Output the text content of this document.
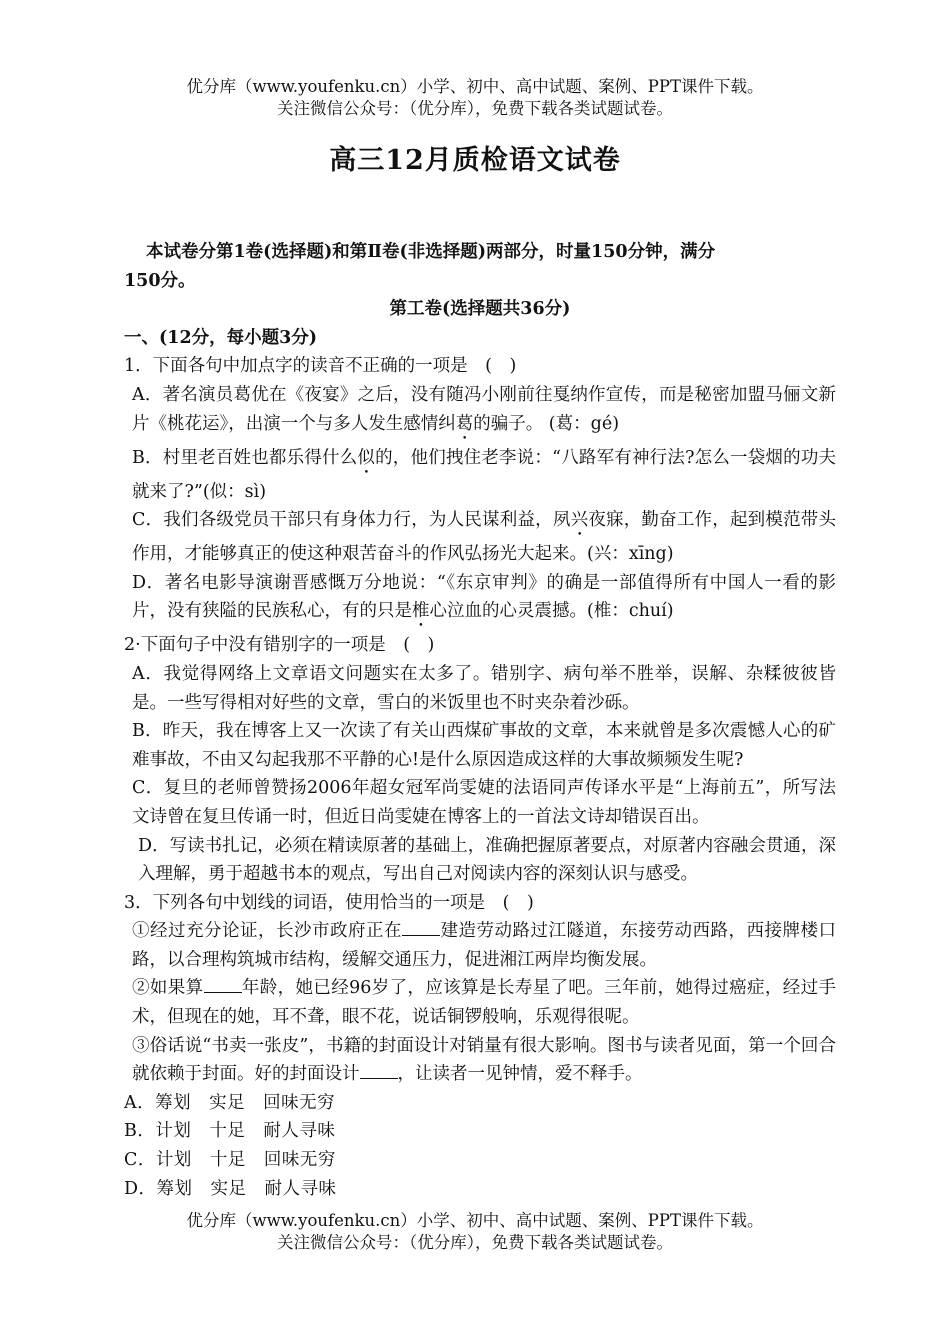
优分库（www.youfenku.cn）小学、初中、高中试题、案例、PPT课件下载。
关注微信公众号：（优分库），免费下载各类试题试卷。
高三12月质检语文试卷

本试卷分第1卷(选择题)和第Ⅱ卷(非选择题)两部分，时量150分钟，满分

150分。

第工卷(选择题共36分)

一、(12分，每小题3分)

1．下面各句中加点字的读音不正确的一项是　(　)

A．著名演员葛优在《夜宴》之后，没有随冯小刚前往戛纳作宣传，而是秘密加盟马俪文新片《桃花运》，出演一个与多人发生感情纠葛的骗子。 (葛：gé)

B．村里老百姓也都乐得什么似的，他们拽住老李说：“八路军有神行法?怎么一袋烟的功夫就来了?”(似：sì)

C．我们各级党员干部只有身体力行，为人民谋利益，夙兴夜寐，勤奋工作，起到模范带头作用，才能够真正的使这种艰苦奋斗的作风弘扬光大起来。(兴：xīng)

D．著名电影导演谢晋感慨万分地说：“《东京审判》的确是一部值得所有中国人一看的影片，没有狭隘的民族私心，有的只是椎心泣血的心灵震撼。(椎：chuí)

2·下面句子中没有错别字的一项是　(　)

A．我觉得网络上文章语文问题实在太多了。错别字、病句举不胜举，误解、杂糅彼彼皆是。一些写得相对好些的文章，雪白的米饭里也不时夹杂着沙砾。

B．昨天，我在博客上又一次读了有关山西煤矿事故的文章，本来就曾是多次震憾人心的矿难事故，不由又勾起我那不平静的心!是什么原因造成这样的大事故频频发生呢?

C．复旦的老师曾赞扬2006年超女冠军尚雯婕的法语同声传译水平是“上海前五”，所写法文诗曾在复旦传诵一时，但近日尚雯婕在博客上的一首法文诗却错误百出。

D．写读书扎记，必须在精读原著的基础上，准确把握原著要点，对原著内容融会贯通，深入理解，勇于超越书本的观点，写出自己对阅读内容的深刻认识与感受。

3．下列各句中划线的词语，使用恰当的一项是　(　)

①经过充分论证，长沙市政府正在 建造劳动路过江隧道，东接劳动西路，西接牌楼口路，以合理构筑城市结构，缓解交通压力，促进湘江两岸均衡发展。

②如果算 年龄，她已经96岁了，应该算是长寿星了吧。三年前，她得过癌症，经过手术，但现在的她，耳不聋，眼不花，说话铜锣般响，乐观得很呢。

③俗话说“书卖一张皮”，书籍的封面设计对销量有很大影响。图书与读者见面，第一个回合就依赖于封面。好的封面设计 ，让读者一见钟情，爱不释手。

A．筹划　实足　回味无穷

B．计划　十足　耐人寻味

C．计划　十足　回味无穷

D．筹划　实足　耐人寻味

优分库（www.youfenku.cn）小学、初中、高中试题、案例、PPT课件下载。
关注微信公众号：（优分库），免费下载各类试题试卷。
